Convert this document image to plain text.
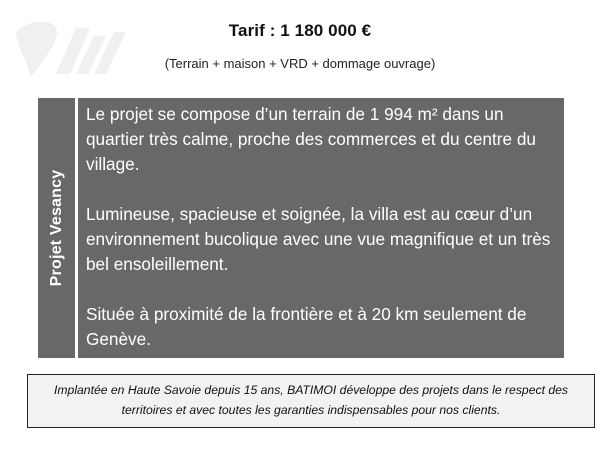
Tarif : 1 180 000 €
(Terrain + maison + VRD + dommage ouvrage)
Projet Vesancy

Le projet se compose d’un terrain de 1 994 m² dans un quartier très calme, proche des commerces et du centre du village.

Lumineuse, spacieuse et soignée, la villa est au cœur d’un environnement bucolique avec une vue magnifique et un très bel ensoleillement.

Située à proximité de la frontière et à 20 km seulement de Genève.

Implantée en Haute Savoie depuis 15 ans, BATIMOI développe des projets dans le respect des territoires et avec toutes les garanties indispensables pour nos clients.
